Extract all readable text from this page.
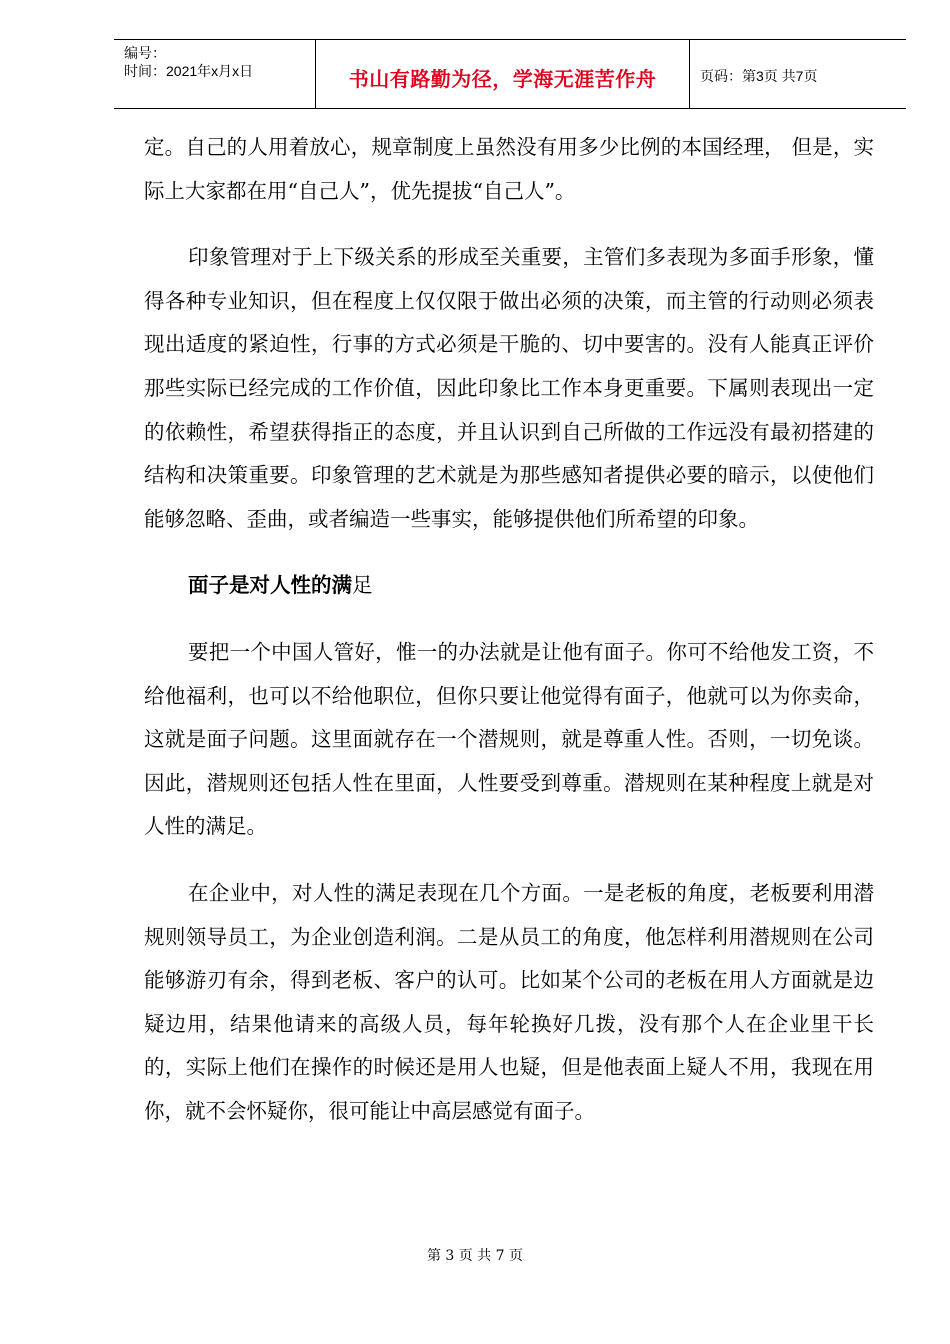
编号：
时间：2021年x月x日	书山有路勤为径，学海无涯苦作舟	页码：第3页 共7页

定。自己的人用着放心，规章制度上虽然没有用多少比例的本国经理， 但是，实际上大家都在用“自己人”，优先提拔“自己人”。

印象管理对于上下级关系的形成至关重要，主管们多表现为多面手形象，懂得各种专业知识，但在程度上仅仅限于做出必须的决策，而主管的行动则必须表现出适度的紧迫性，行事的方式必须是干脆的、切中要害的。没有人能真正评价那些实际已经完成的工作价值，因此印象比工作本身更重要。下属则表现出一定的依赖性，希望获得指正的态度，并且认识到自己所做的工作远没有最初搭建的结构和决策重要。印象管理的艺术就是为那些感知者提供必要的暗示，以使他们能够忽略、歪曲，或者编造一些事实，能够提供他们所希望的印象。

面子是对人性的满足

要把一个中国人管好，惟一的办法就是让他有面子。你可不给他发工资，不给他福利，也可以不给他职位，但你只要让他觉得有面子，他就可以为你卖命，这就是面子问题。这里面就存在一个潜规则，就是尊重人性。否则，一切免谈。因此，潜规则还包括人性在里面，人性要受到尊重。潜规则在某种程度上就是对人性的满足。

在企业中，对人性的满足表现在几个方面。一是老板的角度，老板要利用潜规则领导员工，为企业创造利润。二是从员工的角度，他怎样利用潜规则在公司能够游刃有余，得到老板、客户的认可。比如某个公司的老板在用人方面就是边疑边用，结果他请来的高级人员，每年轮换好几拨，没有那个人在企业里干长的，实际上他们在操作的时候还是用人也疑，但是他表面上疑人不用，我现在用你，就不会怀疑你，很可能让中高层感觉有面子。

第 3 页 共 7 页
